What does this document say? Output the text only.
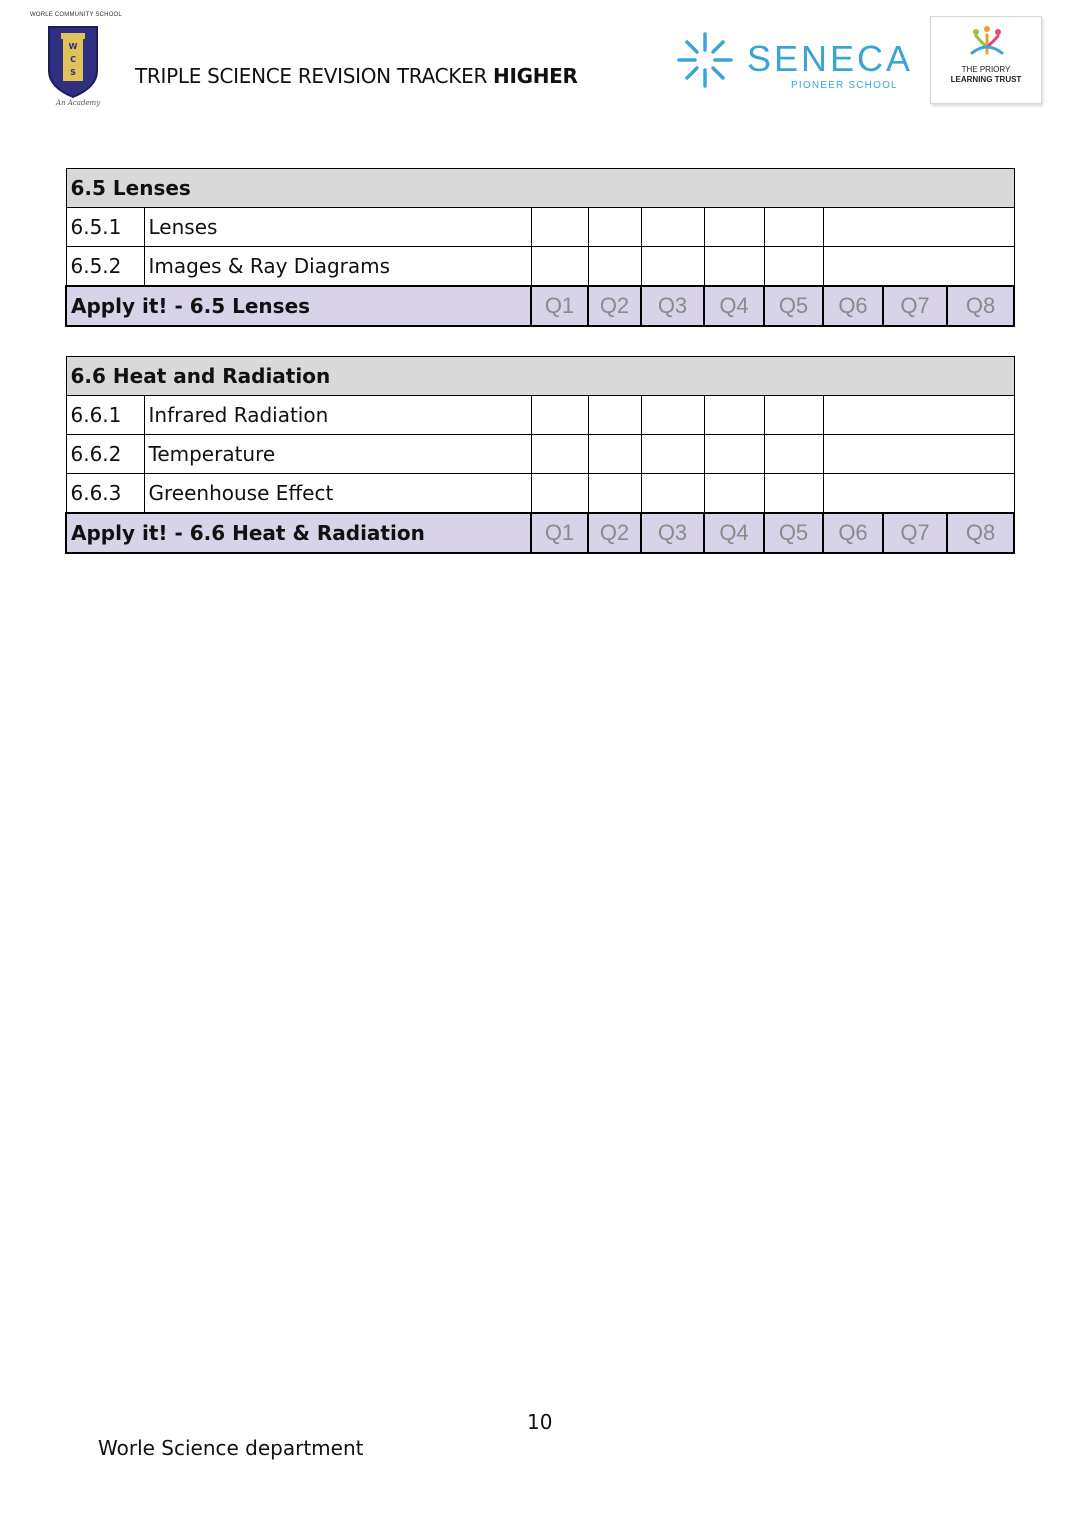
WORLE COMMUNITY SCHOOL
W
C
S
An Academy
TRIPLE SCIENCE REVISION TRACKER HIGHER	SENECA
PIONEER SCHOOL
THE PRIORY
LEARNING TRUST
6.5 Lenses									
6.5.1	Lenses								
6.5.2	Images & Ray Diagrams								
Apply it! - 6.5 Lenses		Q1	Q2	Q3	Q4	Q5	Q6	Q7	Q8
6.6 Heat and Radiation									
6.6.1	Infrared Radiation								
6.6.2	Temperature								
6.6.3	Greenhouse Effect								
Apply it! - 6.6 Heat & Radiation		Q1	Q2	Q3	Q4	Q5	Q6	Q7	Q8
10
Worle Science department
